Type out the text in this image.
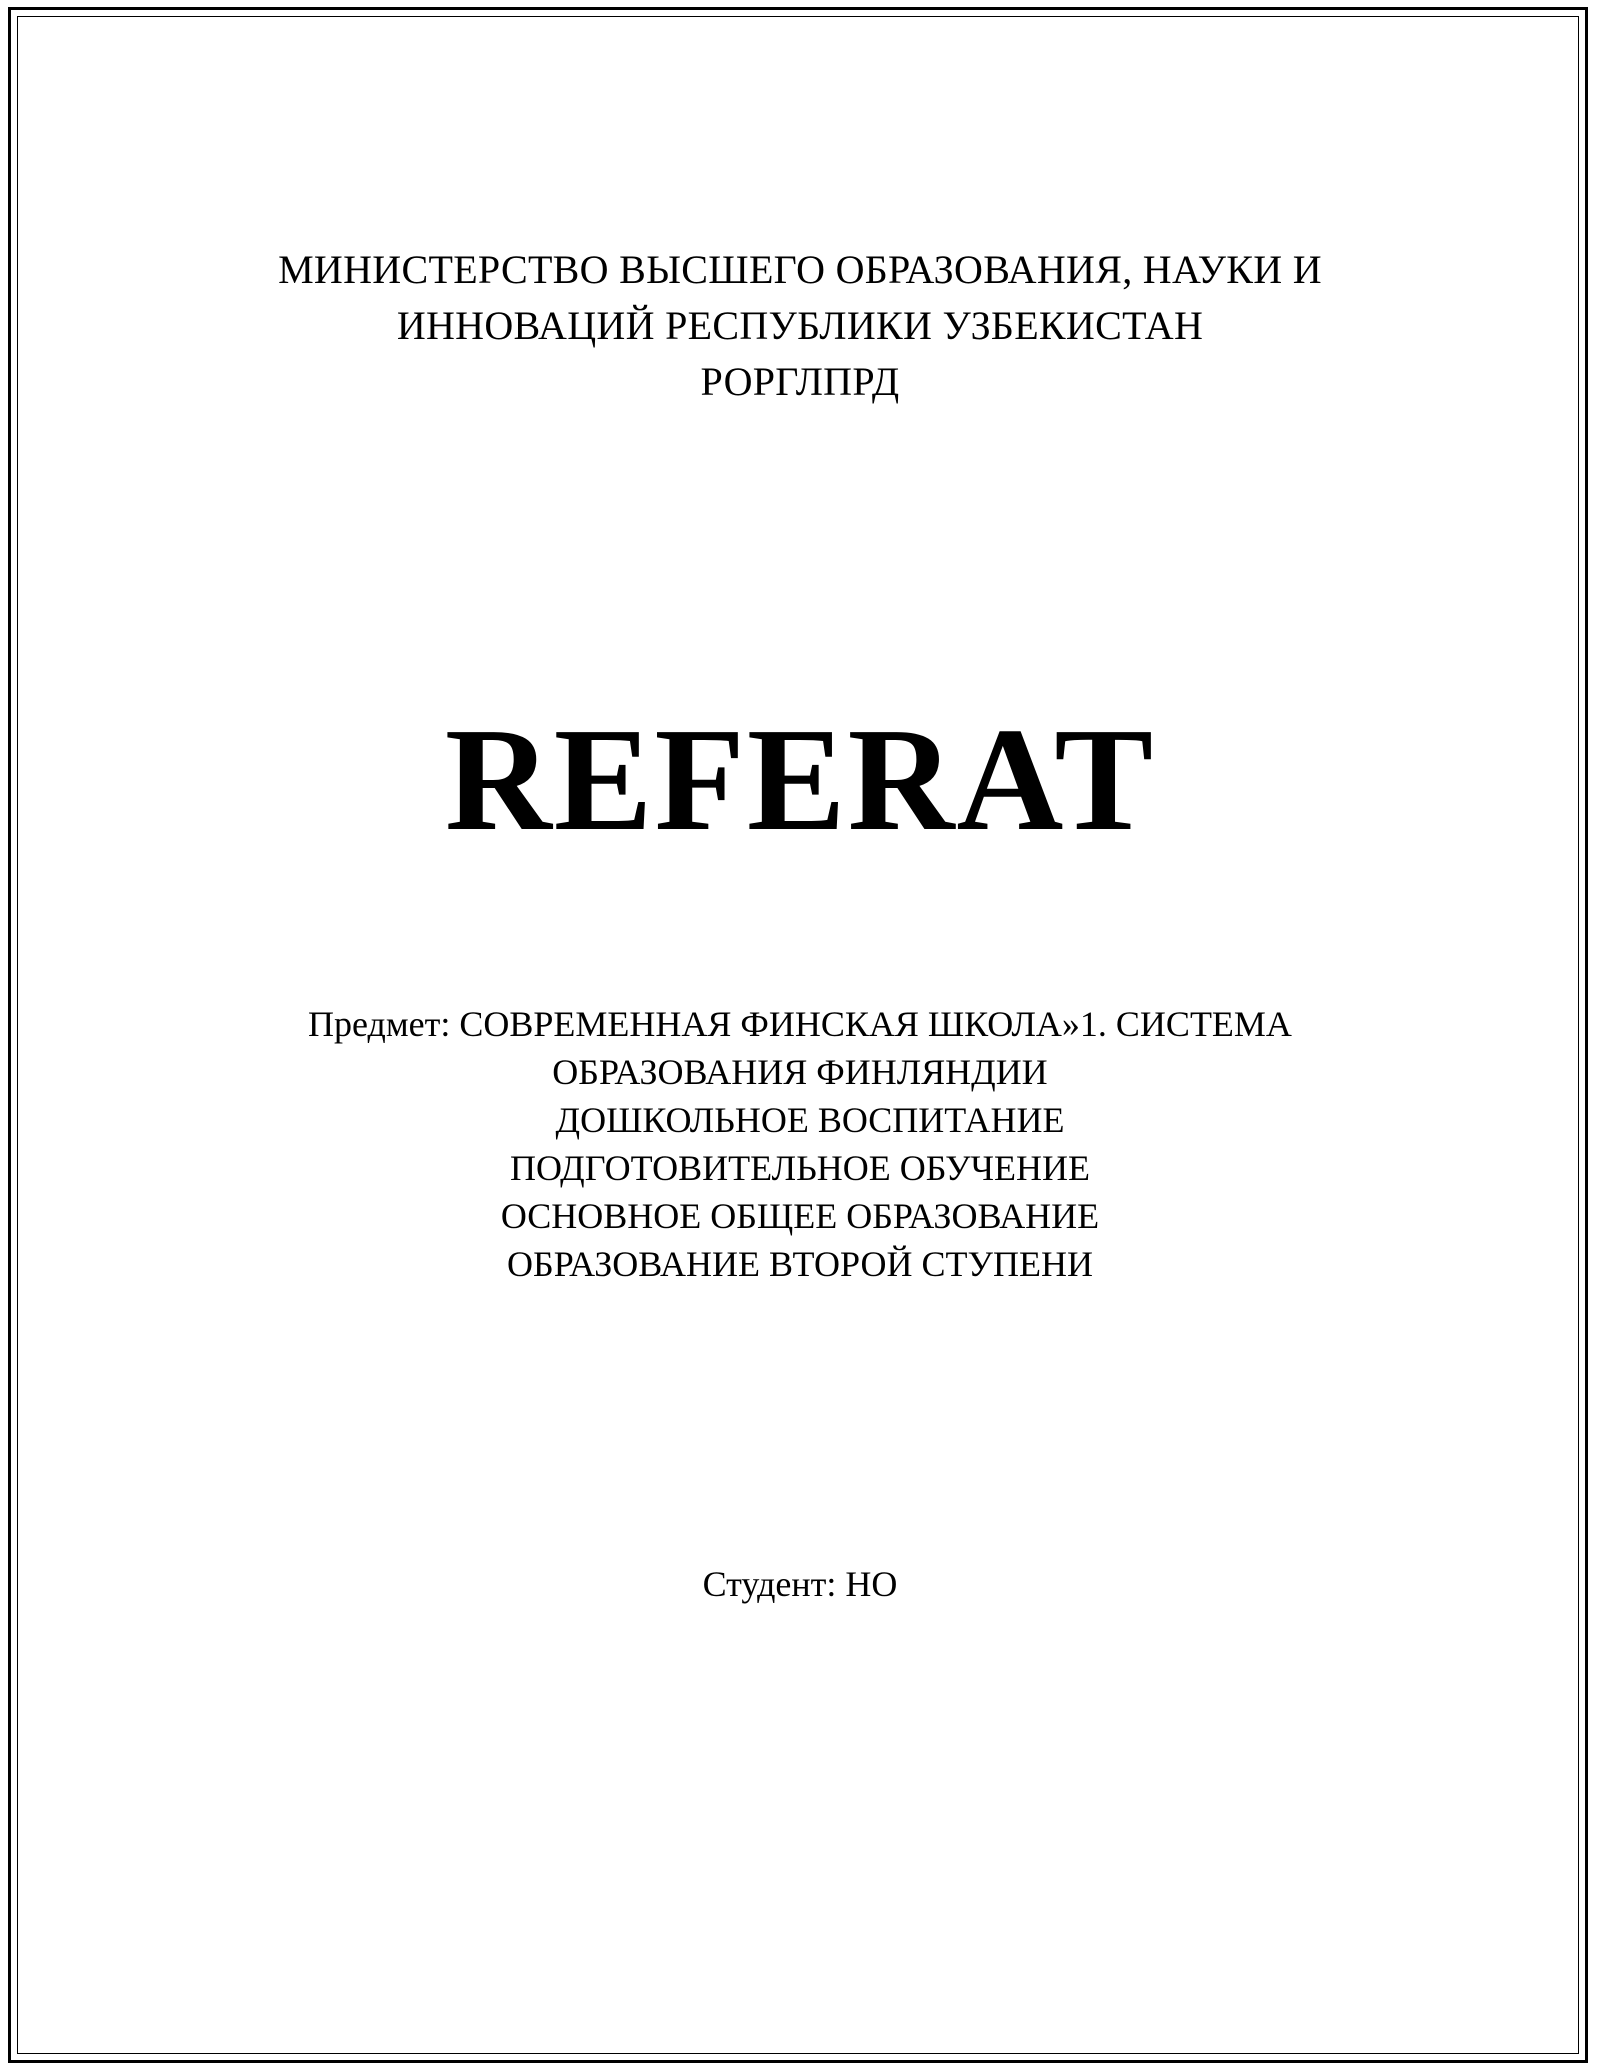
МИНИСТЕРСТВО ВЫСШЕГО ОБРАЗОВАНИЯ, НАУКИ И
ИННОВАЦИЙ РЕСПУБЛИКИ УЗБЕКИСТАН
РОРГЛПРД
REFERAT
Предмет: СОВРЕМЕННАЯ ФИНСКАЯ ШКОЛА»1. СИСТЕМА
ОБРАЗОВАНИЯ ФИНЛЯНДИИ
ДОШКОЛЬНОЕ ВОСПИТАНИЕ
ПОДГОТОВИТЕЛЬНОЕ ОБУЧЕНИЕ
ОСНОВНОЕ ОБЩЕЕ ОБРАЗОВАНИЕ
ОБРАЗОВАНИЕ ВТОРОЙ СТУПЕНИ
Студент: НО
